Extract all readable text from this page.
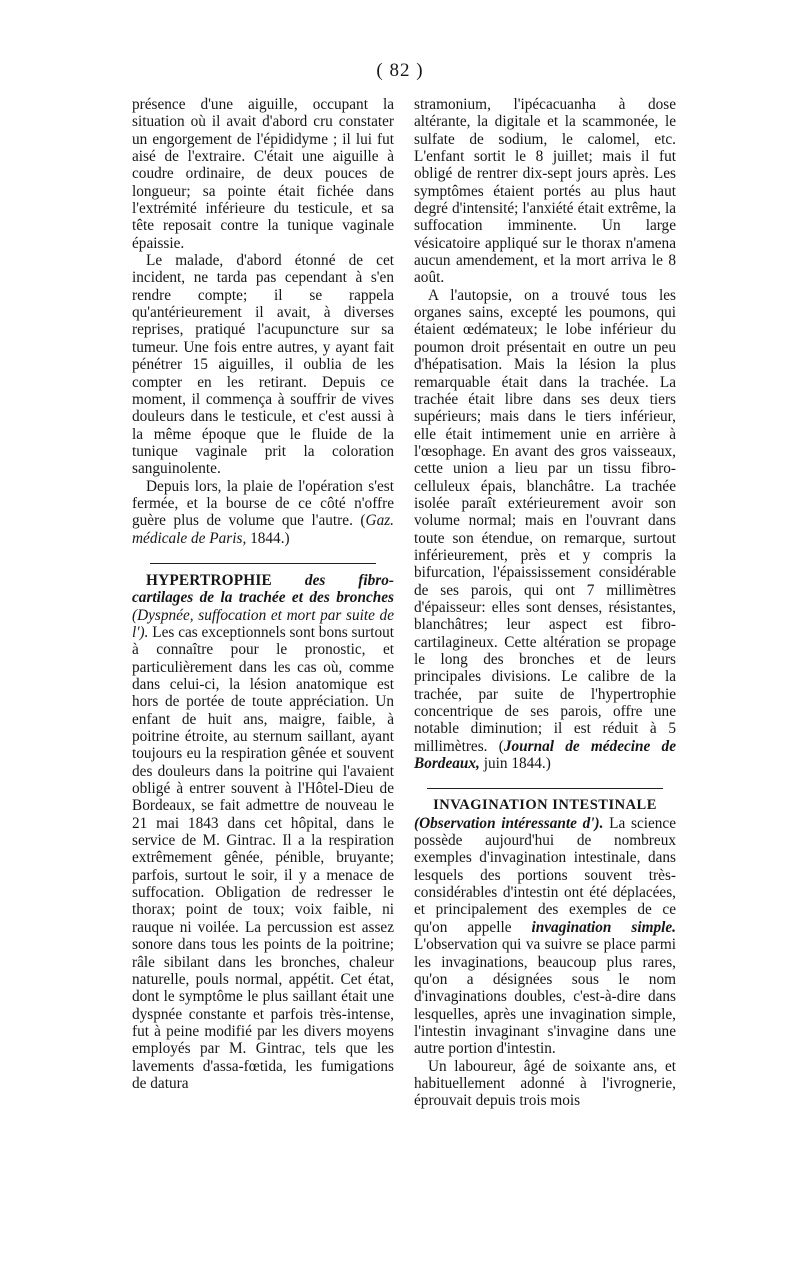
( 82 )

présence d'une aiguille, occupant la situation où il avait d'abord cru constater un engorgement de l'épididyme ; il lui fut aisé de l'extraire. C'était une aiguille à coudre ordinaire, de deux pouces de longueur; sa pointe était fichée dans l'extrémité inférieure du testicule, et sa tête reposait contre la tunique vaginale épaissie.

Le malade, d'abord étonné de cet incident, ne tarda pas cependant à s'en rendre compte; il se rappela qu'antérieurement il avait, à diverses reprises, pratiqué l'acupuncture sur sa tumeur. Une fois entre autres, y ayant fait pénétrer 15 aiguilles, il oublia de les compter en les retirant. Depuis ce moment, il commença à souffrir de vives douleurs dans le testicule, et c'est aussi à la même époque que le fluide de la tunique vaginale prit la coloration sanguinolente.

Depuis lors, la plaie de l'opération s'est fermée, et la bourse de ce côté n'offre guère plus de volume que l'autre. (Gaz. médicale de Paris, 1844.)

HYPERTROPHIE des fibro-cartilages de la trachée et des bronches (Dyspnée, suffocation et mort par suite de l'). Les cas exceptionnels sont bons surtout à connaître pour le pronostic, et particulièrement dans les cas où, comme dans celui-ci, la lésion anatomique est hors de portée de toute appréciation. Un enfant de huit ans, maigre, faible, à poitrine étroite, au sternum saillant, ayant toujours eu la respiration gênée et souvent des douleurs dans la poitrine qui l'avaient obligé à entrer souvent à l'Hôtel-Dieu de Bordeaux, se fait admettre de nouveau le 21 mai 1843 dans cet hôpital, dans le service de M. Gintrac. Il a la respiration extrêmement gênée, pénible, bruyante; parfois, surtout le soir, il y a menace de suffocation. Obligation de redresser le thorax; point de toux; voix faible, ni rauque ni voilée. La percussion est assez sonore dans tous les points de la poitrine; râle sibilant dans les bronches, chaleur naturelle, pouls normal, appétit. Cet état, dont le symptôme le plus saillant était une dyspnée constante et parfois très-intense, fut à peine modifié par les divers moyens employés par M. Gintrac, tels que les lavements d'assa-fœtida, les fumigations de datura

stramonium, l'ipécacuanha à dose altérante, la digitale et la scammonée, le sulfate de sodium, le calomel, etc. L'enfant sortit le 8 juillet; mais il fut obligé de rentrer dix-sept jours après. Les symptômes étaient portés au plus haut degré d'intensité; l'anxiété était extrême, la suffocation imminente. Un large vésicatoire appliqué sur le thorax n'amena aucun amendement, et la mort arriva le 8 août.

A l'autopsie, on a trouvé tous les organes sains, excepté les poumons, qui étaient œdémateux; le lobe inférieur du poumon droit présentait en outre un peu d'hépatisation. Mais la lésion la plus remarquable était dans la trachée. La trachée était libre dans ses deux tiers supérieurs; mais dans le tiers inférieur, elle était intimement unie en arrière à l'œsophage. En avant des gros vaisseaux, cette union a lieu par un tissu fibro-celluleux épais, blanchâtre. La trachée isolée paraît extérieurement avoir son volume normal; mais en l'ouvrant dans toute son étendue, on remarque, surtout inférieurement, près et y compris la bifurcation, l'épaississement considérable de ses parois, qui ont 7 millimètres d'épaisseur: elles sont denses, résistantes, blanchâtres; leur aspect est fibro-cartilagineux. Cette altération se propage le long des bronches et de leurs principales divisions. Le calibre de la trachée, par suite de l'hypertrophie concentrique de ses parois, offre une notable diminution; il est réduit à 5 millimètres. (Journal de médecine de Bordeaux, juin 1844.)

INVAGINATION INTESTINALE

(Observation intéressante d'). La science possède aujourd'hui de nombreux exemples d'invagination intestinale, dans lesquels des portions souvent très-considérables d'intestin ont été déplacées, et principalement des exemples de ce qu'on appelle invagination simple. L'observation qui va suivre se place parmi les invaginations, beaucoup plus rares, qu'on a désignées sous le nom d'invaginations doubles, c'est-à-dire dans lesquelles, après une invagination simple, l'intestin invaginant s'invagine dans une autre portion d'intestin.

Un laboureur, âgé de soixante ans, et habituellement adonné à l'ivrognerie, éprouvait depuis trois mois
